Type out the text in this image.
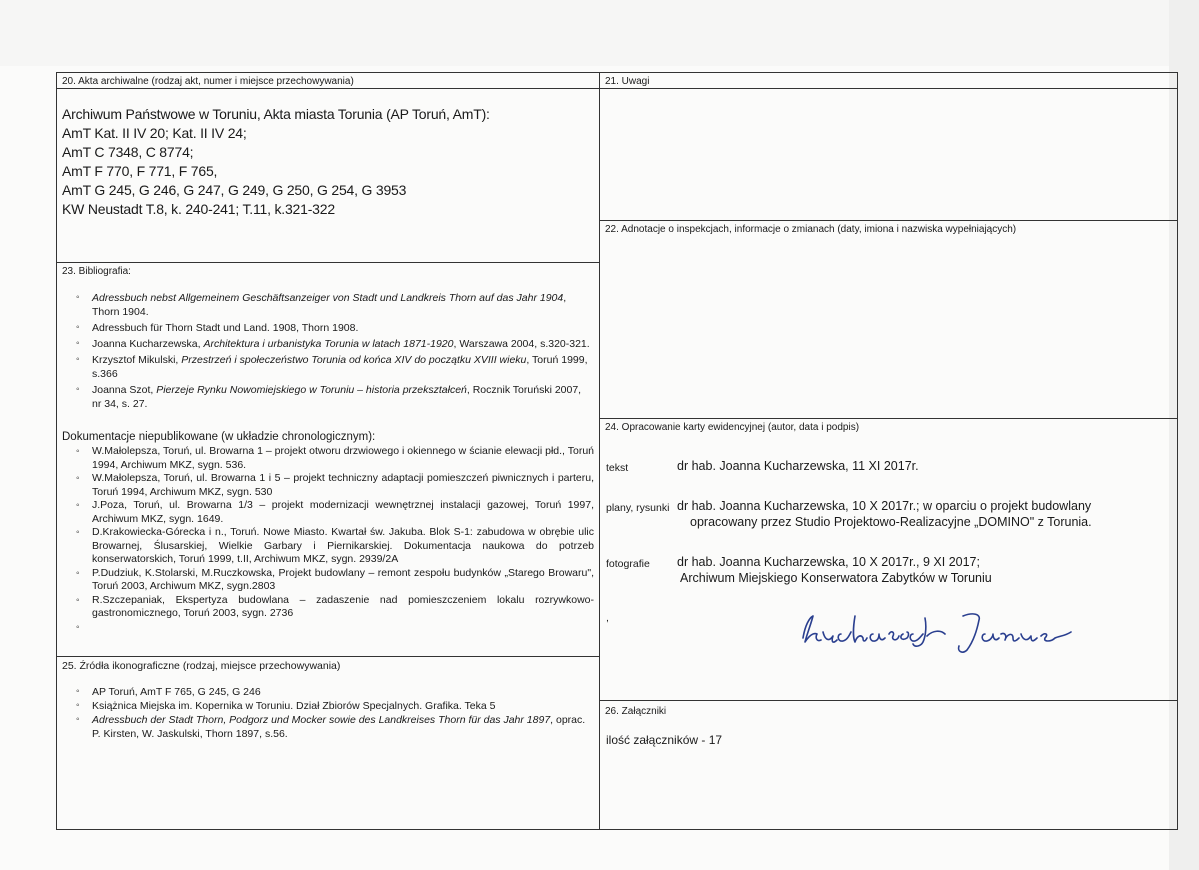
20. Akta archiwalne (rodzaj akt, numer i miejsce przechowywania)
Archiwum Państwowe w Toruniu, Akta miasta Torunia (AP Toruń, AmT):
AmT Kat. II IV 20; Kat. II IV 24;
AmT C 7348, C 8774;
AmT F 770, F 771, F 765,
AmT G 245, G 246, G 247, G 249, G 250, G 254, G 3953
KW Neustadt T.8, k. 240-241; T.11, k.321-322
21. Uwagi
22. Adnotacje o inspekcjach, informacje o zmianach (daty, imiona i nazwiska wypełniających)
23. Bibliografia:
◦ Adressbuch nebst Allgemeinem Geschäftsanzeiger von Stadt und Landkreis Thorn auf das Jahr 1904, Thorn 1904.
◦ Adressbuch für Thorn Stadt und Land. 1908, Thorn 1908.
◦ Joanna Kucharzewska, Architektura i urbanistyka Torunia w latach 1871-1920, Warszawa 2004, s.320-321.
◦ Krzysztof Mikulski, Przestrzeń i społeczeństwo Torunia od końca XIV do początku XVIII wieku, Toruń 1999, s.366
◦ Joanna Szot, Pierzeje Rynku Nowomiejskiego w Toruniu – historia przekształceń, Rocznik Toruński 2007, nr 34, s. 27.
Dokumentacje niepublikowane (w układzie chronologicznym):
◦ W.Małolepsza, Toruń, ul. Browarna 1 – projekt otworu drzwiowego i okiennego w ścianie elewacji płd., Toruń 1994, Archiwum MKZ, sygn. 536.
◦ W.Małolepsza, Toruń, ul. Browarna 1 i 5 – projekt techniczny adaptacji pomieszczeń piwnicznych i parteru, Toruń 1994, Archiwum MKZ, sygn. 530
◦ J.Poza, Toruń, ul. Browarna 1/3 – projekt modernizacji wewnętrznej instalacji gazowej, Toruń 1997, Archiwum MKZ, sygn. 1649.
◦ D.Krakowiecka-Górecka i n., Toruń. Nowe Miasto. Kwartał św. Jakuba. Blok S-1: zabudowa w obrębie ulic Browarnej, Ślusarskiej, Wielkie Garbary i Piernikarskiej. Dokumentacja naukowa do potrzeb konserwatorskich, Toruń 1999, t.II, Archiwum MKZ, sygn. 2939/2A
◦ P.Dudziuk, K.Stolarski, M.Ruczkowska, Projekt budowlany – remont zespołu budynków „Starego Browaru", Toruń 2003, Archiwum MKZ, sygn.2803
◦ R.Szczepaniak, Ekspertyza budowlana – zadaszenie nad pomieszczeniem lokalu rozrywkowo-gastronomicznego, Toruń 2003, sygn. 2736
◦
24. Opracowanie karty ewidencyjnej (autor, data i podpis)
tekst	dr hab. Joanna Kucharzewska, 11 XI 2017r.
plany, rysunki dr hab. Joanna Kucharzewska, 10 X 2017r.; w oparciu o projekt budowlany
opracowany przez Studio Projektowo-Realizacyjne „DOMINO" z Torunia.
fotografie dr hab. Joanna Kucharzewska, 10 X 2017r., 9 XI 2017;
Archiwum Miejskiego Konserwatora Zabytków w Toruniu
,
25. Źródła ikonograficzne (rodzaj, miejsce przechowywania)
◦ AP Toruń, AmT F 765, G 245, G 246
◦ Książnica Miejska im. Kopernika w Toruniu. Dział Zbiorów Specjalnych. Grafika. Teka 5
◦ Adressbuch der Stadt Thorn, Podgorz und Mocker sowie des Landkreises Thorn für das Jahr 1897, oprac. P. Kirsten, W. Jaskulski, Thorn 1897, s.56.
26. Załączniki
ilość załączników - 17
